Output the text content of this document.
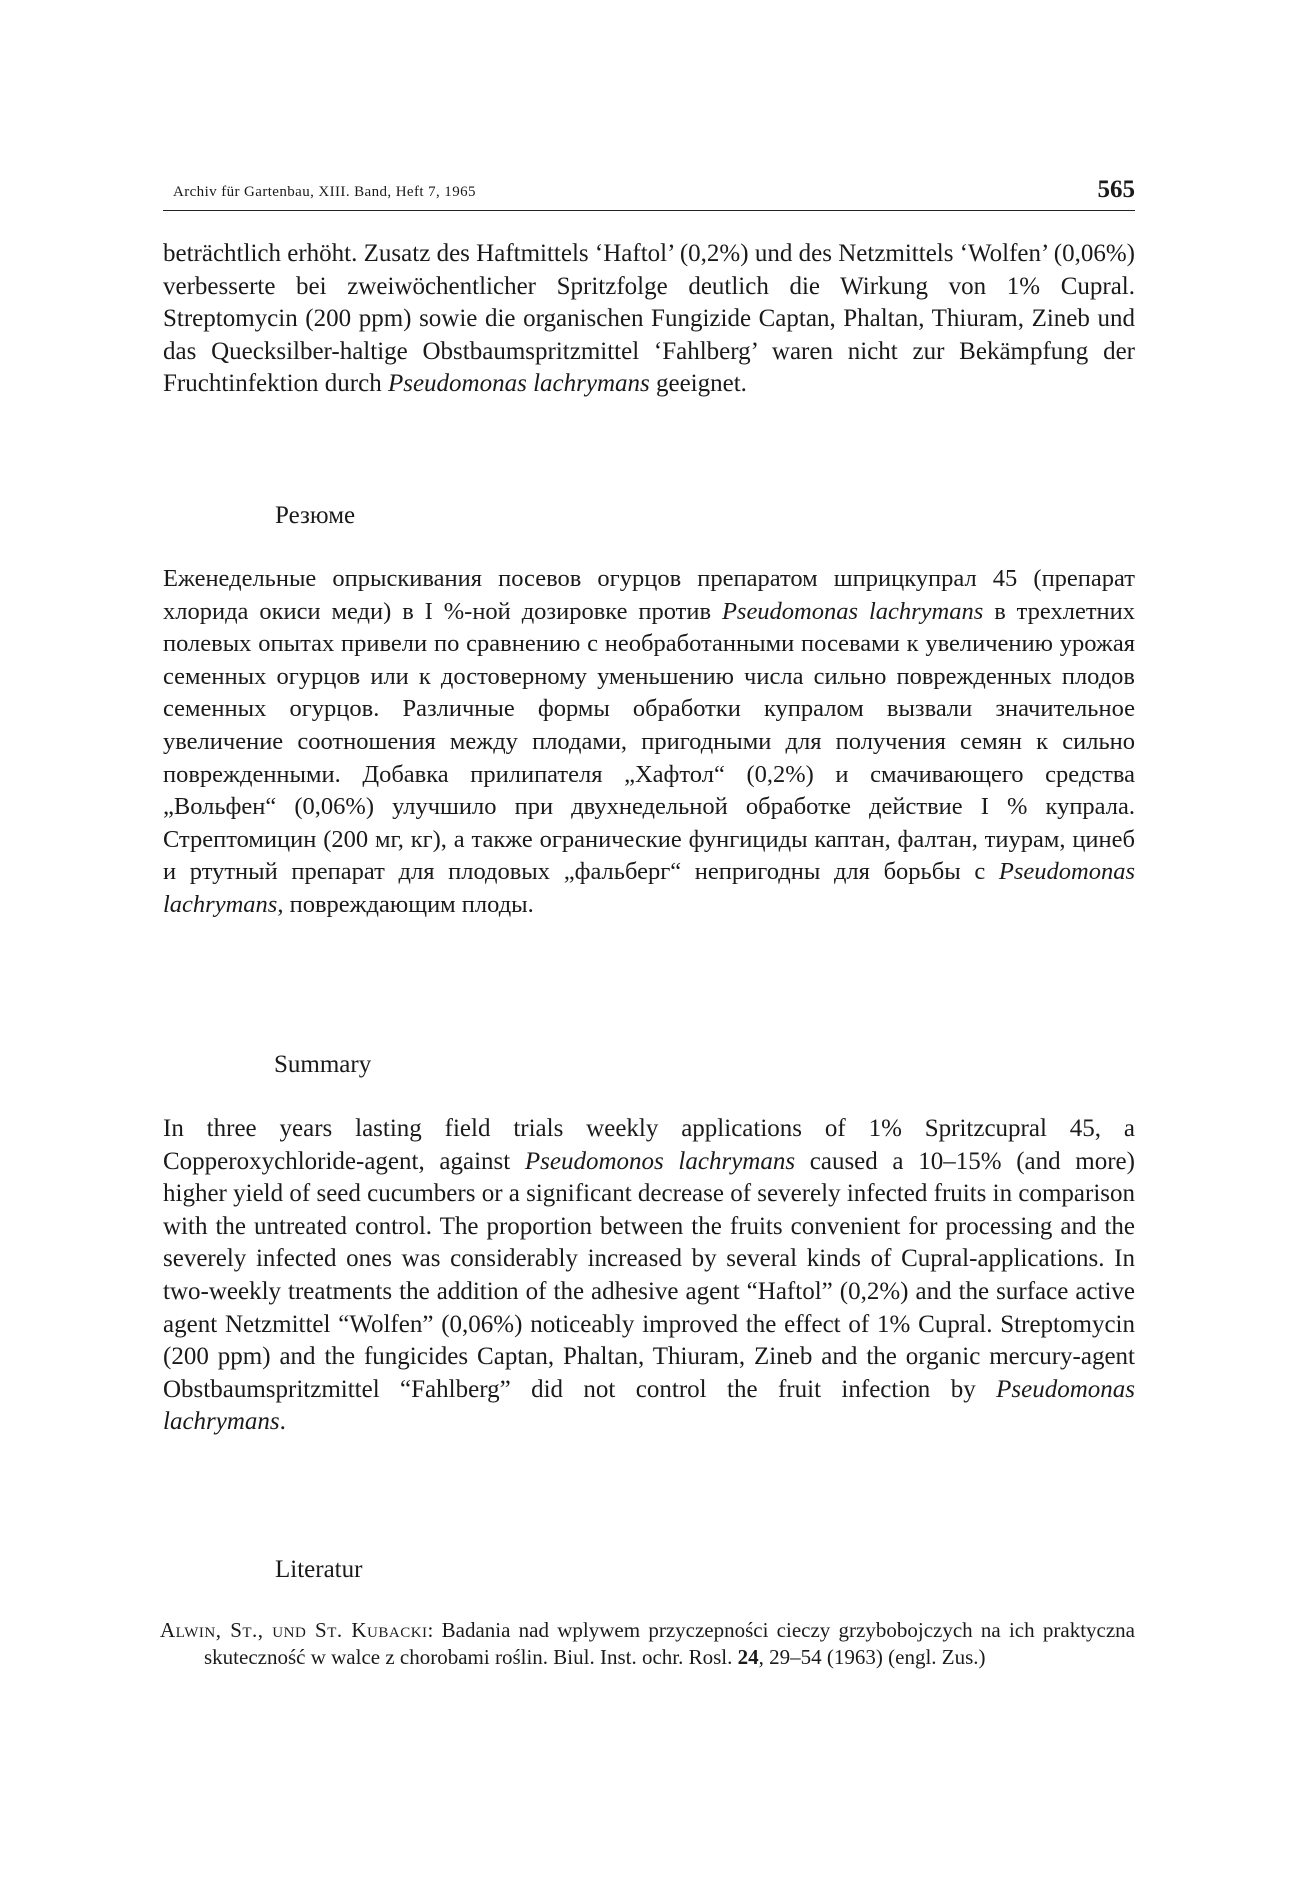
Archiv für Gartenbau, XIII. Band, Heft 7, 1965	565

beträchtlich erhöht. Zusatz des Haftmittels ‘Haftol’ (0,2%) und des Netzmittels ‘Wolfen’ (0,06%) verbesserte bei zweiwöchentlicher Spritzfolge deutlich die Wirkung von 1% Cupral. Streptomycin (200 ppm) sowie die organischen Fungizide Captan, Phaltan, Thiuram, Zineb und das Quecksilber-haltige Obstbaumspritzmittel ‘Fahlberg’ waren nicht zur Bekämpfung der Fruchtinfektion durch Pseudomonas lachrymans geeignet.

Резюме

Еженедельные опрыскивания посевов огурцов препаратом шприцкупрал 45 (препарат хлорида окиси меди) в I %-ной дозировке против Pseudomonas lachrymans в трехлетних полевых опытах привели по сравнению с необработанными посевами к увеличению урожая семенных огурцов или к достоверному уменьшению числа сильно поврежденных плодов семенных огурцов. Различные формы обработки купралом вызвали значительное увеличение соотношения между плодами, пригодными для получения семян к сильно поврежденными. Добавка прилипателя „Хафтол“ (0,2%) и смачивающего средства „Вольфен“ (0,06%) улучшило при двухнедельной обработке действие I % купрала. Стрептомицин (200 мг, кг), а также огранические фунгициды каптан, фалтан, тиурам, цинеб и ртутный препарат для плодовых „фальберг“ непригодны для борьбы с Pseudomonas lachrymans, повреждающим плоды.

Summary

In three years lasting field trials weekly applications of 1% Spritzcupral 45, a Copperoxychloride-agent, against Pseudomonos lachrymans caused a 10–15% (and more) higher yield of seed cucumbers or a significant decrease of severely infected fruits in comparison with the untreated control. The proportion between the fruits convenient for processing and the severely infected ones was considerably increased by several kinds of Cupral-applications. In two-weekly treatments the addition of the adhesive agent “Haftol” (0,2%) and the surface active agent Netzmittel “Wolfen” (0,06%) noticeably improved the effect of 1% Cupral. Streptomycin (200 ppm) and the fungicides Captan, Phaltan, Thiuram, Zineb and the organic mercury-agent Obstbaumspritzmittel “Fahlberg” did not control the fruit infection by Pseudomonas lachrymans.

Literatur
Alwin, St., und St. Kubacki: Badania nad wplywem przyczepności cieczy grzybobojczych na ich praktyczna skuteczność w walce z chorobami roślin. Biul. Inst. ochr. Rosl. 24, 29–54 (1963) (engl. Zus.)
